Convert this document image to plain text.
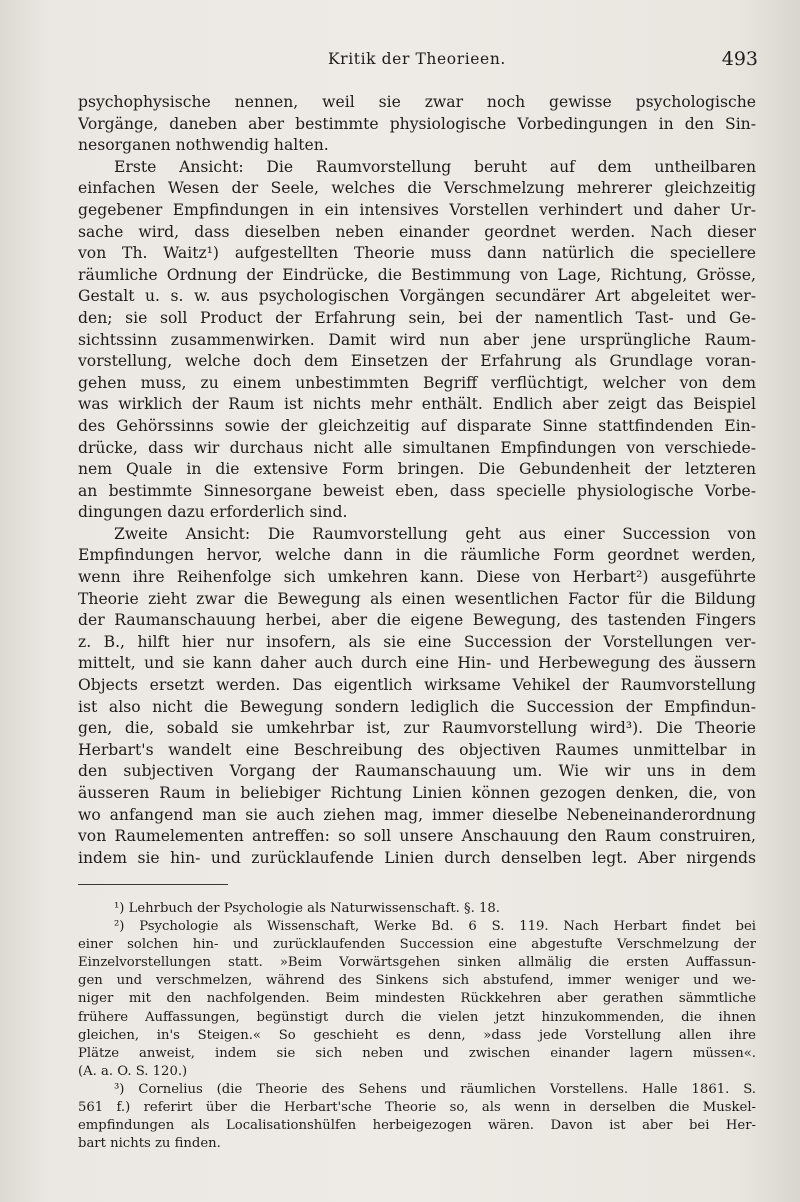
Kritik der Theorieen.	493
psychophysische nennen, weil sie zwar noch gewisse psychologische
Vorgänge, daneben aber bestimmte physiologische Vorbedingungen in den Sin-
nesorganen nothwendig halten.
Erste Ansicht: Die Raumvorstellung beruht auf dem untheilbaren
einfachen Wesen der Seele, welches die Verschmelzung mehrerer gleichzeitig
gegebener Empfindungen in ein intensives Vorstellen verhindert und daher Ur-
sache wird, dass dieselben neben einander geordnet werden. Nach dieser
von Th. Waitz¹) aufgestellten Theorie muss dann natürlich die speciellere
räumliche Ordnung der Eindrücke, die Bestimmung von Lage, Richtung, Grösse,
Gestalt u. s. w. aus psychologischen Vorgängen secundärer Art abgeleitet wer-
den; sie soll Product der Erfahrung sein, bei der namentlich Tast- und Ge-
sichtssinn zusammenwirken. Damit wird nun aber jene ursprüngliche Raum-
vorstellung, welche doch dem Einsetzen der Erfahrung als Grundlage voran-
gehen muss, zu einem unbestimmten Begriff verflüchtigt, welcher von dem
was wirklich der Raum ist nichts mehr enthält. Endlich aber zeigt das Beispiel
des Gehörssinns sowie der gleichzeitig auf disparate Sinne stattfindenden Ein-
drücke, dass wir durchaus nicht alle simultanen Empfindungen von verschiede-
nem Quale in die extensive Form bringen. Die Gebundenheit der letzteren
an bestimmte Sinnesorgane beweist eben, dass specielle physiologische Vorbe-
dingungen dazu erforderlich sind.
Zweite Ansicht: Die Raumvorstellung geht aus einer Succession von
Empfindungen hervor, welche dann in die räumliche Form geordnet werden,
wenn ihre Reihenfolge sich umkehren kann. Diese von Herbart²) ausgeführte
Theorie zieht zwar die Bewegung als einen wesentlichen Factor für die Bildung
der Raumanschauung herbei, aber die eigene Bewegung, des tastenden Fingers
z. B., hilft hier nur insofern, als sie eine Succession der Vorstellungen ver-
mittelt, und sie kann daher auch durch eine Hin- und Herbewegung des äussern
Objects ersetzt werden. Das eigentlich wirksame Vehikel der Raumvorstellung
ist also nicht die Bewegung sondern lediglich die Succession der Empfindun-
gen, die, sobald sie umkehrbar ist, zur Raumvorstellung wird³). Die Theorie
Herbart's wandelt eine Beschreibung des objectiven Raumes unmittelbar in
den subjectiven Vorgang der Raumanschauung um. Wie wir uns in dem
äusseren Raum in beliebiger Richtung Linien können gezogen denken, die, von
wo anfangend man sie auch ziehen mag, immer dieselbe Nebeneinanderordnung
von Raumelementen antreffen: so soll unsere Anschauung den Raum construiren,
indem sie hin- und zurücklaufende Linien durch denselben legt. Aber nirgends
¹) Lehrbuch der Psychologie als Naturwissenschaft. §. 18.
²) Psychologie als Wissenschaft, Werke Bd. 6 S. 119. Nach Herbart findet bei
einer solchen hin- und zurücklaufenden Succession eine abgestufte Verschmelzung der
Einzelvorstellungen statt. »Beim Vorwärtsgehen sinken allmälig die ersten Auffassun-
gen und verschmelzen, während des Sinkens sich abstufend, immer weniger und we-
niger mit den nachfolgenden. Beim mindesten Rückkehren aber gerathen sämmtliche
frühere Auffassungen, begünstigt durch die vielen jetzt hinzukommenden, die ihnen
gleichen, in's Steigen.« So geschieht es denn, »dass jede Vorstellung allen ihre
Plätze anweist, indem sie sich neben und zwischen einander lagern müssen«.
(A. a. O. S. 120.)
³) Cornelius (die Theorie des Sehens und räumlichen Vorstellens. Halle 1861. S.
561 f.) referirt über die Herbart'sche Theorie so, als wenn in derselben die Muskel-
empfindungen als Localisationshülfen herbeigezogen wären. Davon ist aber bei Her-
bart nichts zu finden.
